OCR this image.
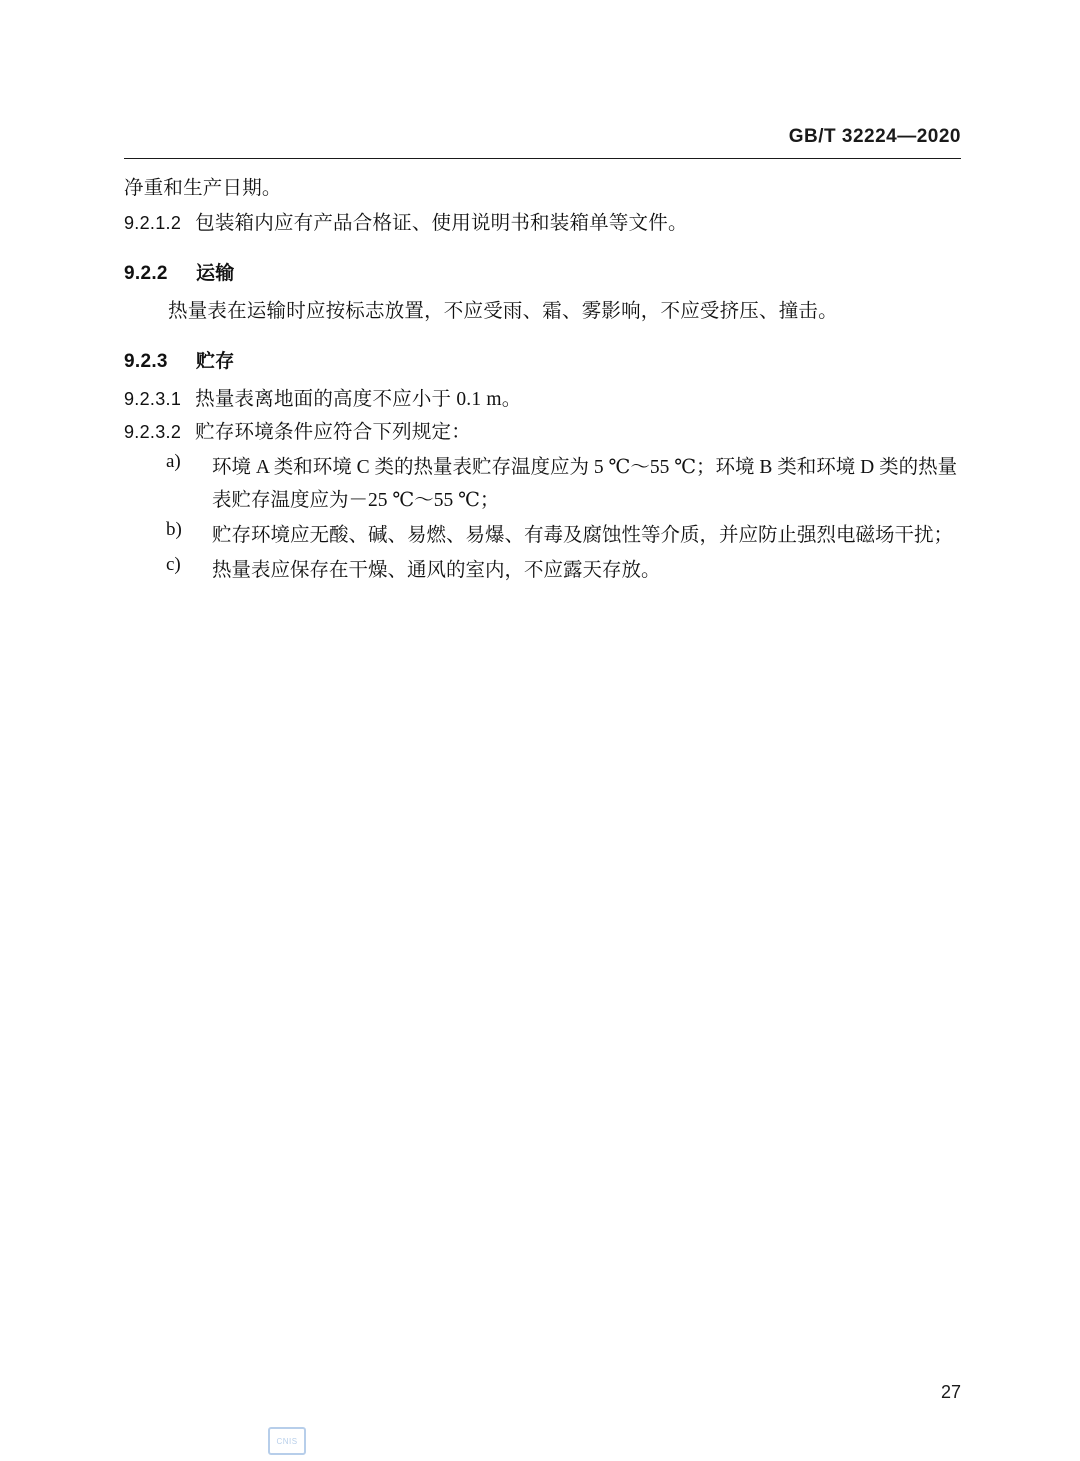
GB/T 32224—2020
净重和生产日期。
9.2.1.2 包装箱内应有产品合格证、使用说明书和装箱单等文件。
9.2.2 运输
热量表在运输时应按标志放置，不应受雨、霜、雾影响，不应受挤压、撞击。
9.2.3 贮存
9.2.3.1 热量表离地面的高度不应小于 0.1 m。
9.2.3.2 贮存环境条件应符合下列规定：
a)	环境 A 类和环境 C 类的热量表贮存温度应为 5 ℃～55 ℃；环境 B 类和环境 D 类的热量表贮存温度应为－25 ℃～55 ℃；
b)	贮存环境应无酸、碱、易燃、易爆、有毒及腐蚀性等介质，并应防止强烈电磁场干扰；
c)	热量表应保存在干燥、通风的室内，不应露天存放。
27
CNIS
